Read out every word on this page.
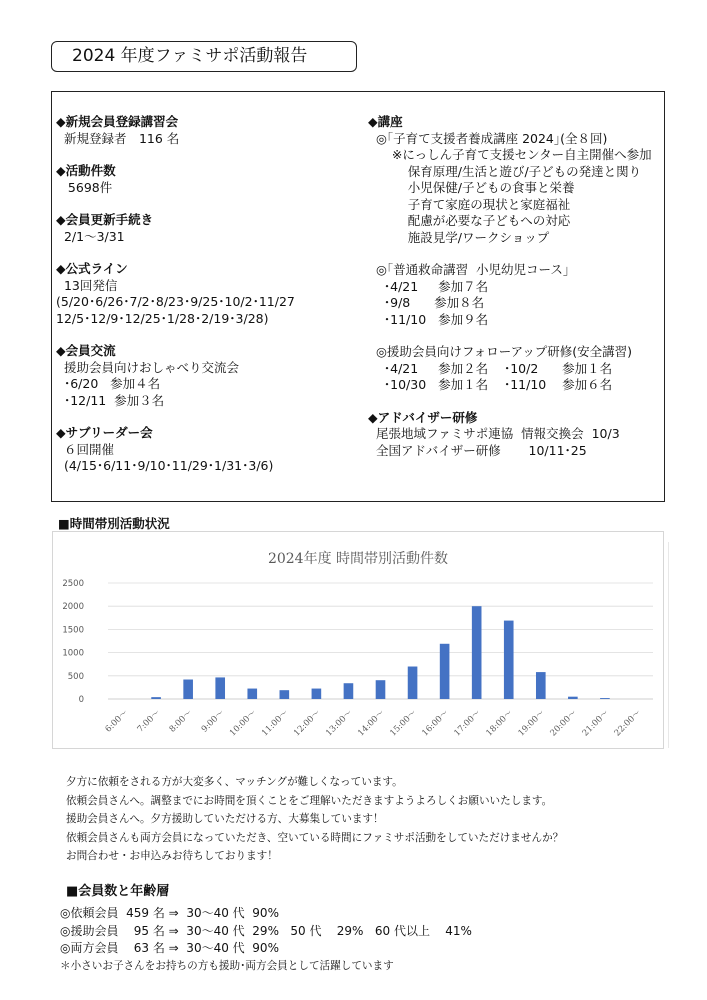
2024 年度ファミサポ活動報告
◆新規会員登録講習会
新規登録者　116 名
◆活動件数
5698件
◆会員更新手続き
2/1～3/31
◆公式ライン
13回発信
(5/20･6/26･7/2･8/23･9/25･10/2･11/27
12/5･12/9･12/25･1/28･2/19･3/28)
◆会員交流
援助会員向けおしゃべり交流会
･6/20   参加４名
･12/11  参加３名
◆サブリーダー会
６回開催
(4/15･6/11･9/10･11/29･1/31･3/6)
◆講座
◎｢子育て支援者養成講座 2024｣(全８回)
※にっしん子育て支援センター自主開催へ参加
保育原理/生活と遊び/子どもの発達と関り
小児保健/子どもの食事と栄養
子育て家庭の現状と家庭福祉
配慮が必要な子どもへの対応
施設見学/ワークショップ
◎｢普通救命講習  小児幼児コース｣
･4/21     参加７名
･9/8      参加８名
･11/10   参加９名
◎援助会員向けフォローアップ研修(安全講習)
･4/21     参加２名    ･10/2      参加１名
･10/30   参加１名    ･11/10    参加６名
◆アドバイザー研修
尾張地域ファミサポ連協  情報交換会  10/3
全国アドバイザー研修       10/11･25
■時間帯別活動状況
2024年度 時間帯別活動件数
0
500
1000
1500
2000
2500
6:00～ 7:00～ 8:00～ 9:00～ 10:00～ 11:00～ 12:00～ 13:00～ 14:00～ 15:00～ 16:00～ 17:00～ 18:00～ 19:00～ 20:00～ 21:00～ 22:00～
夕方に依頼をされる方が大変多く、マッチングが難しくなっています。
依頼会員さんへ。調整までにお時間を頂くことをご理解いただきますようよろしくお願いいたします。
援助会員さんへ。夕方援助していただける方、大募集しています！
依頼会員さんも両方会員になっていただき、空いている時間にファミサポ活動をしていただけませんか？
お問合わせ・お申込みお待ちしております！
■会員数と年齢層
◎依頼会員  459 名 ⇒  30～40 代  90%
◎援助会員    95 名 ⇒  30～40 代  29%   50 代    29%   60 代以上    41%
◎両方会員    63 名 ⇒  30～40 代  90%
＊小さいお子さんをお持ちの方も援助･両方会員として活躍しています
